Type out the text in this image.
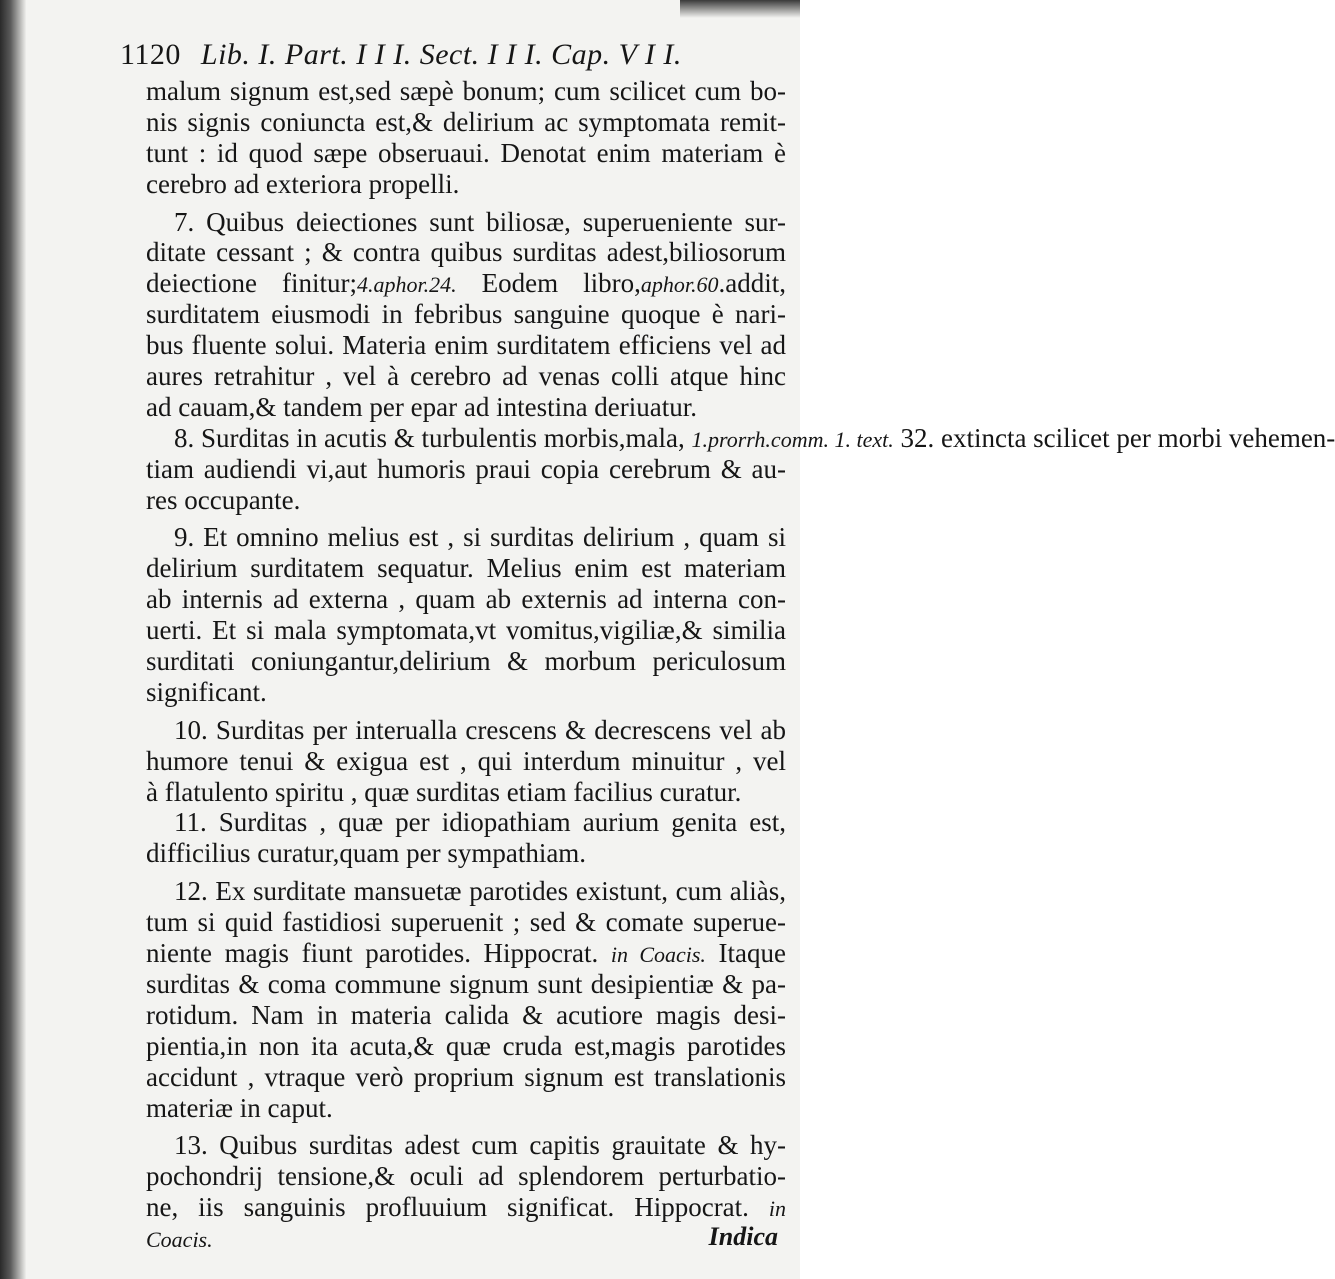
1120 Lib. I. Part. I I I. Sect. I I I. Cap. V I I.
malum signum est,sed sæpè bonum; cum scilicet cum bo-
nis signis coniuncta est,& delirium ac symptomata remit-
tunt : id quod sæpe obseruaui. Denotat enim materiam è
cerebro ad exteriora propelli.
7. Quibus deiectiones sunt biliosæ, superueniente sur-
ditate cessant ; & contra quibus surditas adest,biliosorum
deiectione finitur;4.aphor.24. Eodem libro,aphor.60.addit,
surditatem eiusmodi in febribus sanguine quoque è nari-
bus fluente solui. Materia enim surditatem efficiens vel ad
aures retrahitur , vel à cerebro ad venas colli atque hinc
ad cauam,& tandem per epar ad intestina deriuatur.
8. Surditas in acutis & turbulentis morbis,mala, 1.prorrh.comm. 1. text. 32. extincta scilicet per morbi vehemen-
tiam audiendi vi,aut humoris praui copia cerebrum & au-
res occupante.
9. Et omnino melius est , si surditas delirium , quam si
delirium surditatem sequatur. Melius enim est materiam
ab internis ad externa , quam ab externis ad interna con-
uerti. Et si mala symptomata,vt vomitus,vigiliæ,& similia
surditati coniungantur,delirium & morbum periculosum
significant.
10. Surditas per interualla crescens & decrescens vel ab
humore tenui & exigua est , qui interdum minuitur , vel
à flatulento spiritu , quæ surditas etiam facilius curatur.
11. Surditas , quæ per idiopathiam aurium genita est,
difficilius curatur,quam per sympathiam.
12. Ex surditate mansuetæ parotides existunt, cum aliàs,
tum si quid fastidiosi superuenit ; sed & comate superue-
niente magis fiunt parotides. Hippocrat. in Coacis. Itaque
surditas & coma commune signum sunt desipientiæ & pa-
rotidum. Nam in materia calida & acutiore magis desi-
pientia,in non ita acuta,& quæ cruda est,magis parotides
accidunt , vtraque verò proprium signum est translationis
materiæ in caput.
13. Quibus surditas adest cum capitis grauitate & hy-
pochondrij tensione,& oculi ad splendorem perturbatio-
ne, iis sanguinis profluuium significat. Hippocrat. in
Coacis.	Indica
